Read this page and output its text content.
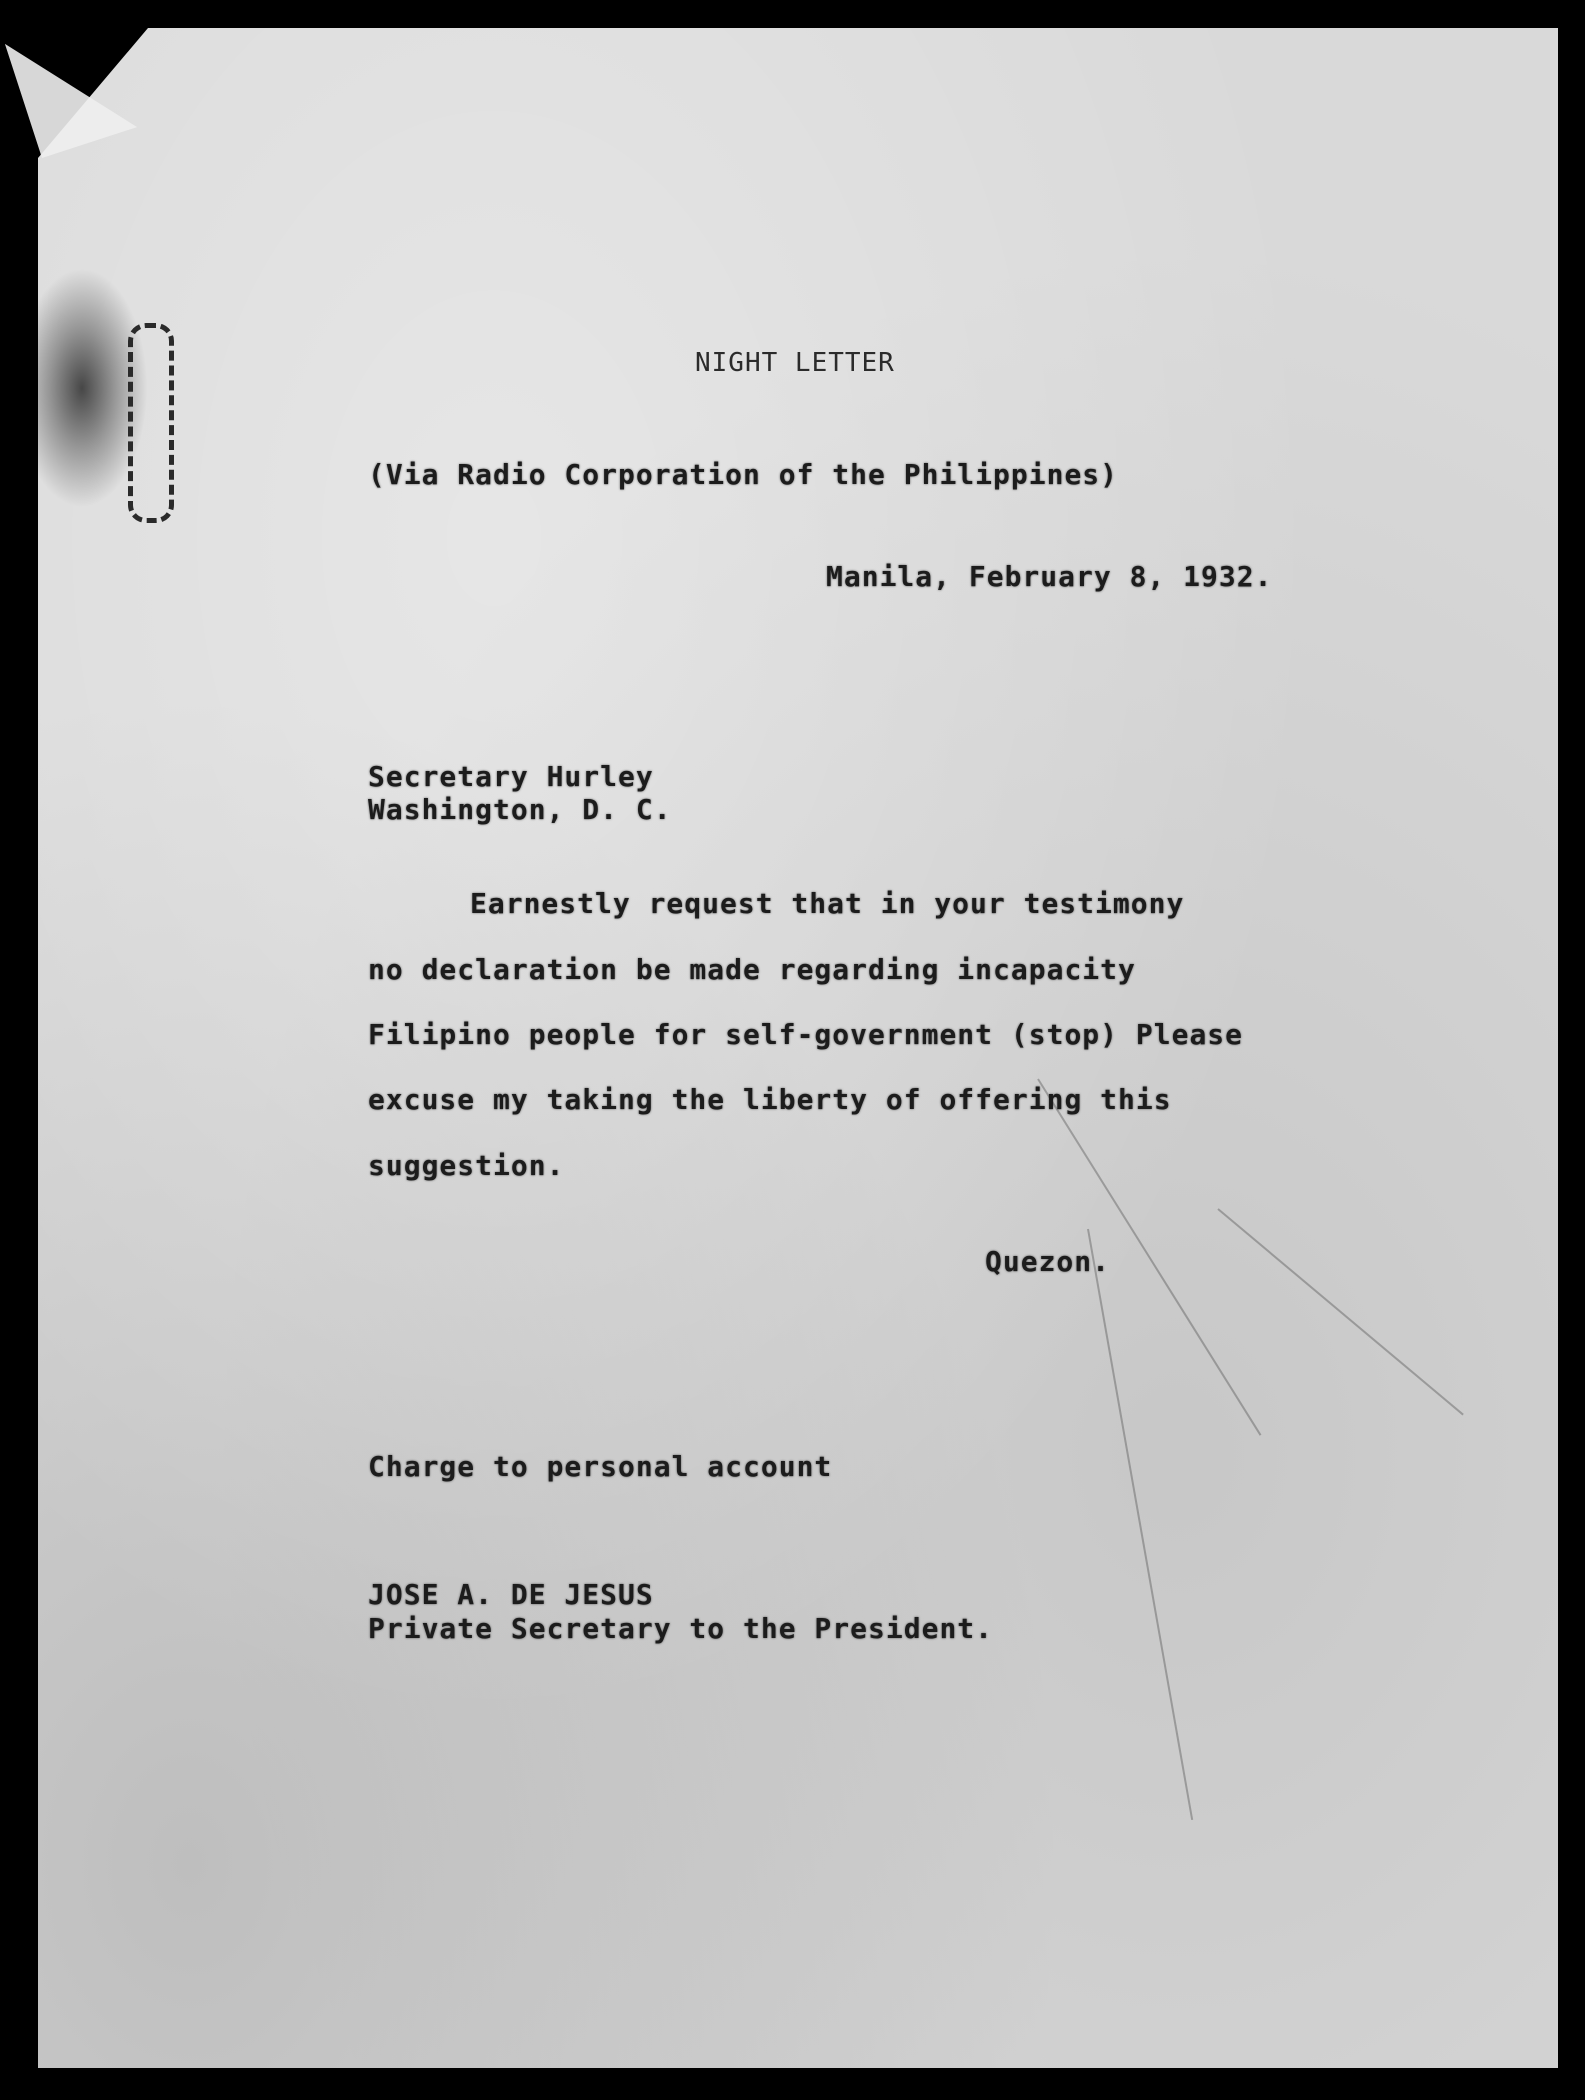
NIGHT LETTER

(Via Radio Corporation of the Philippines)

Manila, February 8, 1932.

Secretary Hurley

Washington, D. C.

Earnestly request that in your testimony

no declaration be made regarding incapacity

Filipino people for self-government (stop) Please

excuse my taking the liberty of offering this

suggestion.

Quezon.

Charge to personal account

JOSE A. DE JESUS

Private Secretary to the President.
